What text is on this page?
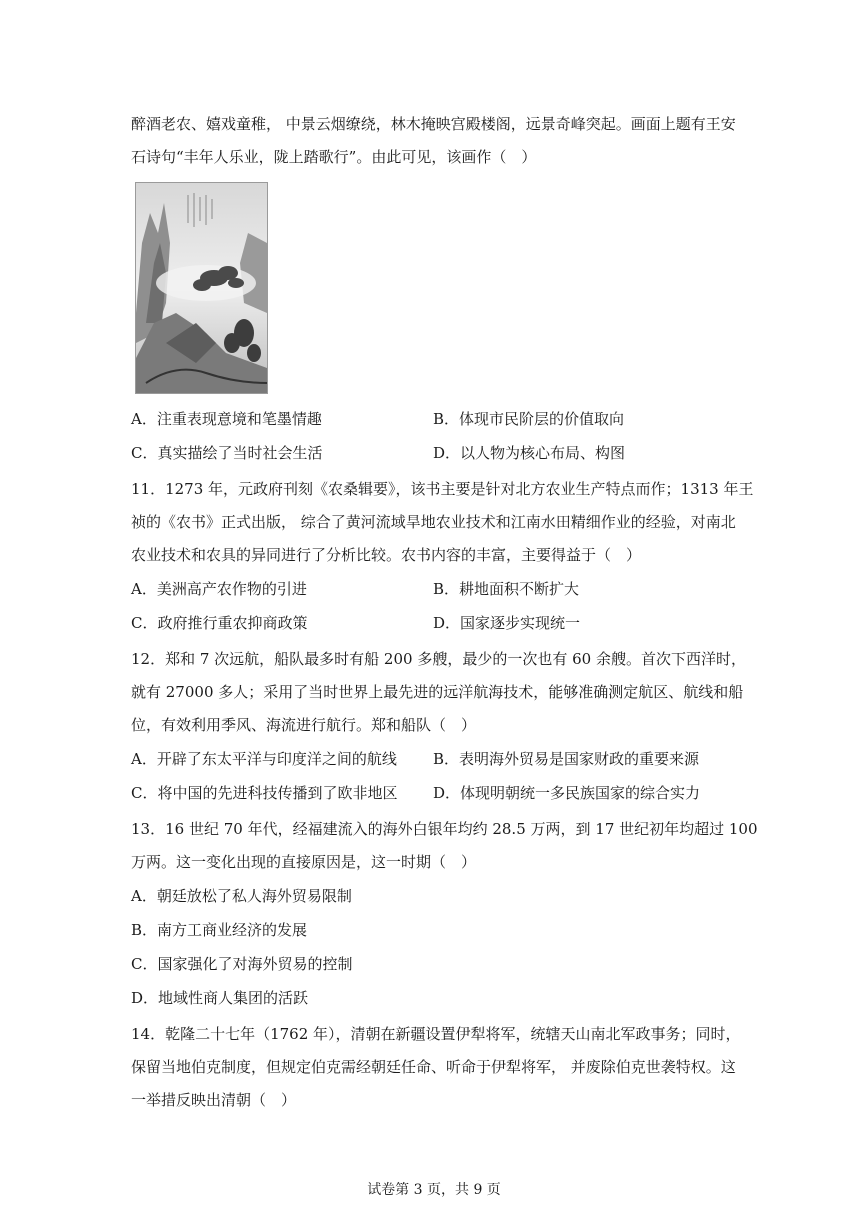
醉酒老农、嬉戏童稚， 中景云烟缭绕，林木掩映宫殿楼阁，远景奇峰突起。画面上题有王安
石诗句“丰年人乐业，陇上踏歌行”。由此可见，该画作（　）
A．注重表现意境和笔墨情趣	B．体现市民阶层的价值取向
C．真实描绘了当时社会生活	D．以人物为核心布局、构图
11．1273 年，元政府刊刻《农桑辑要》，该书主要是针对北方农业生产特点而作；1313 年王
祯的《农书》正式出版， 综合了黄河流域旱地农业技术和江南水田精细作业的经验，对南北
农业技术和农具的异同进行了分析比较。农书内容的丰富，主要得益于（　）
A．美洲高产农作物的引进	B．耕地面积不断扩大
C．政府推行重农抑商政策	D．国家逐步实现统一
12．郑和 7 次远航，船队最多时有船 200 多艘，最少的一次也有 60 余艘。首次下西洋时，
就有 27000 多人；采用了当时世界上最先进的远洋航海技术，能够准确测定航区、航线和船
位，有效利用季风、海流进行航行。郑和船队（　）
A．开辟了东太平洋与印度洋之间的航线 B．表明海外贸易是国家财政的重要来源
C．将中国的先进科技传播到了欧非地区 D．体现明朝统一多民族国家的综合实力
13．16 世纪 70 年代，经福建流入的海外白银年均约 28.5 万两，到 17 世纪初年均超过 100
万两。这一变化出现的直接原因是，这一时期（　）
A．朝廷放松了私人海外贸易限制
B．南方工商业经济的发展
C．国家强化了对海外贸易的控制
D．地域性商人集团的活跃
14．乾隆二十七年（1762 年），清朝在新疆设置伊犁将军，统辖天山南北军政事务；同时，
保留当地伯克制度，但规定伯克需经朝廷任命、听命于伊犁将军， 并废除伯克世袭特权。这
一举措反映出清朝（　）
试卷第 3 页，共 9 页
